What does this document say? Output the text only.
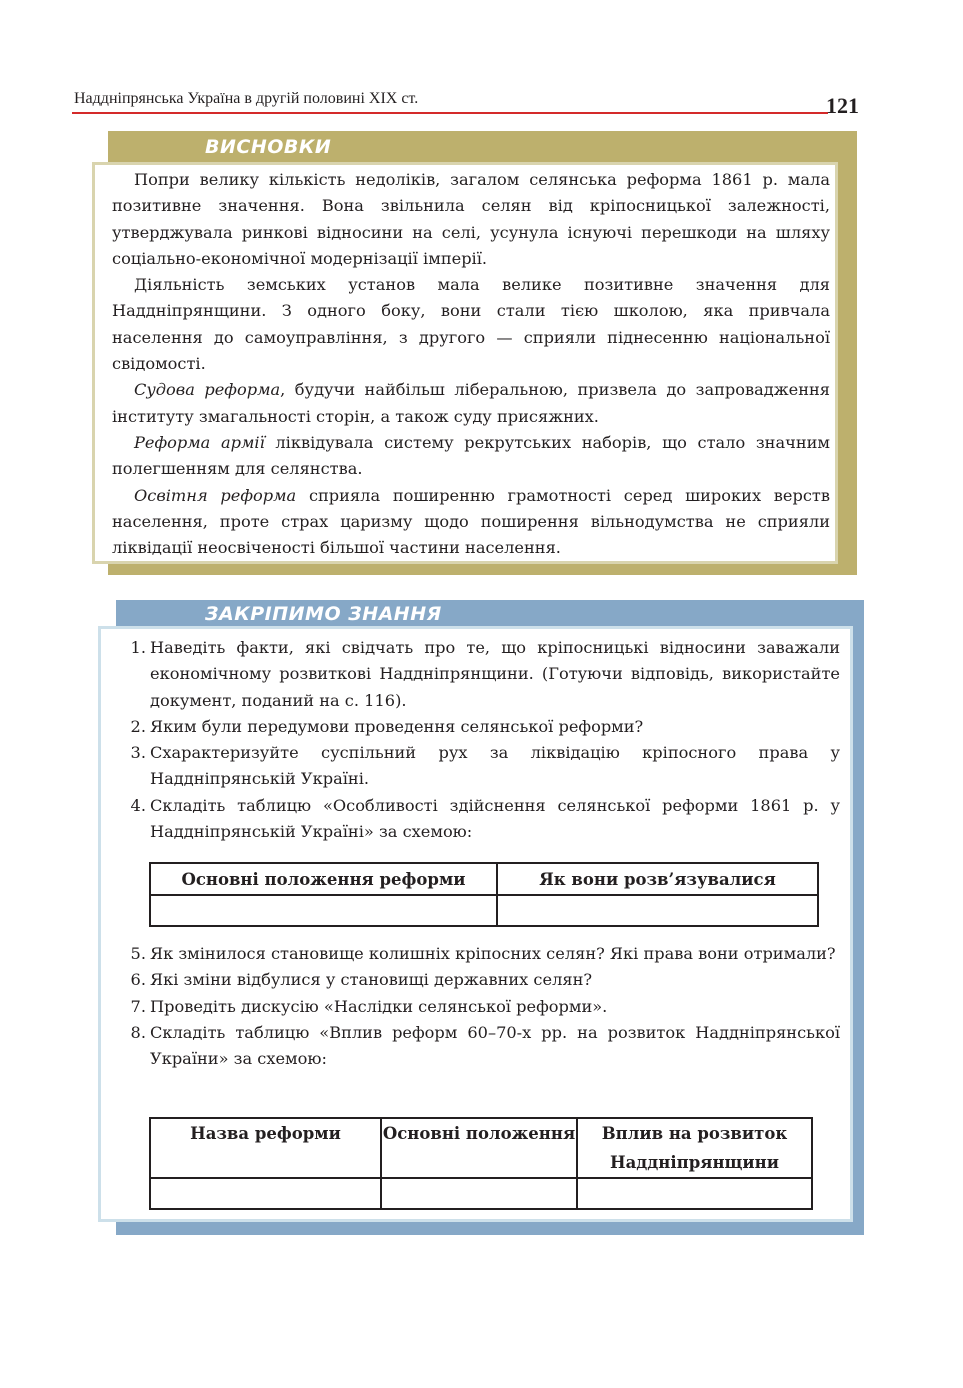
Наддніпрянська Україна в другій половині XIX ст.	121
ВИСНОВКИ

Попри велику кількість недоліків, загалом селянська реформа 1861 р. мала позитивне значення. Вона звільнила селян від кріпосницької залежності, утверджувала ринкові відносини на селі, усунула існуючі перешкоди на шляху соціально-економічної модернізації імперії.

Діяльність земських установ мала велике позитивне значення для Наддніпрянщини. З одного боку, вони стали тією школою, яка привчала населення до самоуправління, з другого — сприяли піднесенню національної свідомості.

Судова реформа, будучи найбільш ліберальною, призвела до запровадження інституту змагальності сторін, а також суду присяжних.

Реформа армії ліквідувала систему рекрутських наборів, що стало значним полегшенням для селянства.

Освітня реформа сприяла поширенню грамотності серед широких верств населення, проте страх царизму щодо поширення вільнодумства не сприяли ліквідації неосвіченості більшої частини населення.

ЗАКРІПИМО ЗНАННЯ
1. Наведіть факти, які свідчать про те, що кріпосницькі відносини заважали економічному розвиткові Наддніпрянщини. (Готуючи відповідь, використайте документ, поданий на с. 116).
2. Яким були передумови проведення селянської реформи?
3. Схарактеризуйте суспільний рух за ліквідацію кріпосного права у Наддніпрянській Україні.
4. Складіть таблицю «Особливості здійснення селянської реформи 1861 р. у Наддніпрянській Україні» за схемою:
Основні положення реформи	Як вони розв’язувалися

5. Як змінилося становище колишніх кріпосних селян? Які права вони отримали?
6. Які зміни відбулися у становищі державних селян?
7. Проведіть дискусію «Наслідки селянської реформи».
8. Складіть таблицю «Вплив реформ 60–70-х рр. на розвиток Наддніпрянської України» за схемою:
Назва реформи	Основні положення	Вплив на розвиток Наддніпрянщини
